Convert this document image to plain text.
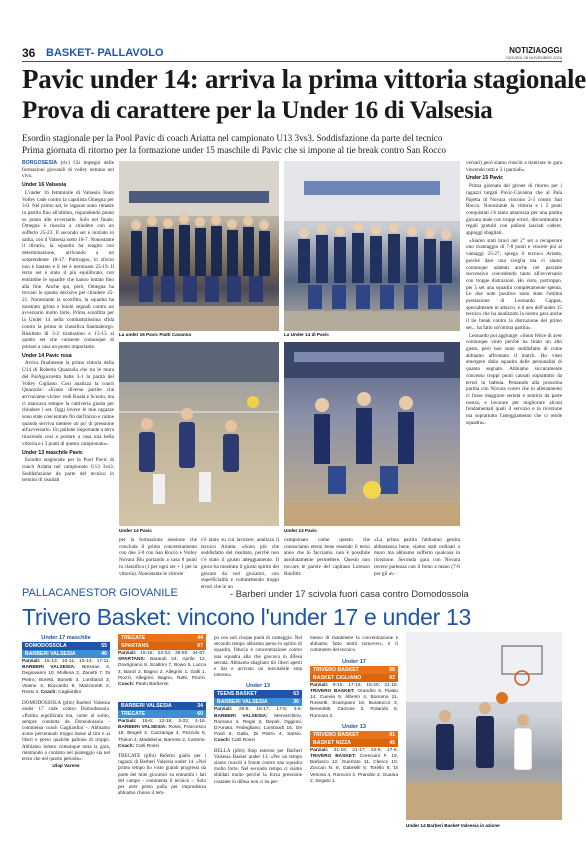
36 BASKET- PALLAVOLO	NOTIZIAOGGI
GIOVEDÌ 28 NOVEMBRE 2024
Pavic under 14: arriva la prima vittoria stagionale
Prova di carattere per la Under 16 di Valsesia
Esordio stagionale per la Pool Pavic di coach Ariatta nel campionato U13 3vs3. Soddisfazione da parte del tecnico
Prima giornata di ritorno per la formazione under 15 maschile di Pavic che si impone al tie break contro San Rocco

BORGOSESIA (rlv) Gli impegni delle formazioni giovanili di volley entrano nel vivo.

Under 16 Valsesia

L'under 16 femminile di Valsesia Team Volley cade contro la capolista Omegna per 3-0. Nel primo set, le ragazze sono rimaste in partita fino all'ultimo, rispondendo punto su punto alle avversarie. Solo nel finale, Omegna è riuscita a chiudere con un sofferto 25-23. Il secondo set è iniziato in salita, con il Valsesia sotto 18-7. Nonostante il divario, la squadra ha reagito con determinazione, arrivando a un sorprendente 18-17. Purtroppo, lo sforzo non è bastato e il set è terminato 25-19. Il terzo set è stato il più equilibrato, con entrambe le squadre che hanno lottato fino alla fine. Anche qui, però, Omegna ha trovato lo spunto decisivo per chiudere 25-21. Nonostante la sconfitta, la squadra ha mostrato grinta e buoni segnali contro un avversario molto forte. Prima sconfitta per la Under 14 nella combattutissima sfida contro la prima in classifica Sanmaborgo. Risultato di 3-2 tiratissimo e 15-13 al quinto set che consente comunque di portare a casa un punto importante.

Under 14 Pavic rosa

Arriva finalmente la prima vittoria della U14 di Roberta Quazzola che tra le mura del PalAgucoretta batte 3-1 la parità del Volley Cigliano. Così analizza la coach Quazzola: «Erano diverse partite che arrivavamo vicine: vedi Koala e Scuolo, ma ci mancava sempre la cattiveria giusta per chiudere i set. Oggi invece le mie ragazze sono state concentrate fin dall'inizio e calme quando serviva mettere un po' di pressione all'avversario. Un pallone importante a terra riuscendo così a portare a casa una bella vittoria e i 3 punti di questo campionato».

Under 13 maschile Pavic

Esordio stagionale per la Pool Pavic di coach Ariatta nel campionato U13 3vs3. Soddisfazione da parte del tecnico in termini di risultati

La under 16 Pavic Piatti Cavanna	La Under 14 di Pavic
Under 14 Pavic	Under 13 Pavic
per la formazione sessione che concluda il primo concentramento con due 3-0 con San Rocco e Volley Novara Blu portando a casa 8 punti in classifica (1 per ogni set + 1 per la vittoria). Nonostante le vittorie
c'è tanto su cui lavorare, analizza il tecnico Ariatta. «Sono più che soddisfatto del risultato, perché non c'è stato il giusto atteggiamento. Il gioco ha mostrato il giusto spirito del giocare da veri giocatori, con superficialità e commettendo troppi errori che in un
campionato come questo che conosciamo eterni bene essendo il terzo anno che lo facciamo, non è possibile assolutamente permettere. Questo non toccare le parole del capitano Lorenzo Bonfitti:
«La prima partita l'abbiamo gestita abbastanza bene, siamo stati ordinati a muro ma abbiamo sofferto qualcosa in ricezione. Seconda gara con Novara invece partenza con il freno a mano (7-0 per gli av-

versari) però siamo riusciti a rientrare in gara vincendo tutti e 3 i parziali».

Under 15 Pavic

Prima giornata del girone di ritorno per i ragazzi targati Pavic-Cavanna che al Pala Pajetta di Novara vincono 2-3 contro San Rocco. Nonostante la vittoria e i 2 punti conquistati c'è tanta amarezza per una partita giocata male con troppi errori, discontinuità e regali gratuiti con palloni lasciati cadere, appoggi sbagliati.

«Siamo stati bravi nel 2° set a recuperare uno svantaggio di 7-8 punti e vincere poi ai vantaggi 25-27, spiega il tecnico Ariatta, poiché dare una sveglia ma ci siamo comunque adattati anche nel parziale successivo concedendo tanto all'avversario con troppe distrazioni. Ho visto, purtroppo, per 5 set una squadra completamente spenta. Le due note positive sono state l'ottima prestazione di Leonardo Cappas, specialmente in attacco, e il neo dell'under 15 tecnico che ha analizzato la nostra gara anche il tie break contro la distruzione del primo set... ha fatto un'ottima partita».

Leonardo poi aggiunge: «Sono felice di aver comunque vinto perché ha tirato un alto gusto, però non sono soddisfatto di come abbiamo affrontato il match. Ho visto emergere dalla squadra delle personalità di quanto segnato. Abbiamo siccuramente concesso troppi punti causati soprattutto da errori in battuta. Pensando alla prossima partita con Novara vorrei che in allenamento ci fosse maggiore serietà e sentirsi da parte nostra, e lavorare per migliorare alcuni fondamentali quali il servizio e la ricezione ma soprattutto l'atteggiamento che ci rende squadra».

PALLACANESTOR GIOVANILE	- Barberi under 17 scivola fuori casa contro Domodossola
Trivero Basket: vincono l'under 17 e under 13
Under 17 maschile
DOMODOSSOLA	55
BARBERI VALSESIA	46
Parziali: 15-13; 10-11; 15-14; 17-11. BARBERI VALSESIA: Bressan 3, Degiovanni 10, Mollena 2, Zanetti 7, Di Pietro, Boretti, Bonetti 3, Lombardi 3, Viasne 3, Boccardo 9, Mazzonetti 2, Rossi 4. Coach: Cagliardini
DOMODOSSOLA (pfm) Barberi Valsesia under 17 cade contro Domodossola. «Partita equilibrata ma, come al solito, sempre condotta da Domodossola - commenta coach Gagliardini -. Abbiamo avuto percentuali troppo basse al tiro e ai liberi e perso qualche pallone di troppo. Abbiamo lottato comunque tutta la gara, rientrando a contatto nel punteggio sia nel terzo che nel quarto periodo».
Ulap Varese
TRECATE	44
SPARTANS	67
Parziali: 15-15; 23-34; 35-50; 44-67. SPARTANS: Barandi 24, Aprile 12, Dovrignano 8, Scaltrini 7, Bowo 5, Lucca 4, Banzi 2, Bagno 2, Allegrini 1, Galli 1, Piozzi, Allegrini, Bagno, Ratti, Piozzi. Coach: Paolo Barberini
BARBERI VALSESIA	34
TRECATE	60
Parziali: 15-6; 12-18; 3-22; 4-16. BARBERI VALSESIA: Rossi, Francesco 18, Bingeli 2, Cazzaniga 4, Pezzulo 8, Thirion 4, Madeliena, Barrese 2, Cartone. Coach: Carli Rossi
TRECATE (pfm) Referto giallo per i ragazzi di Barberi Valsesia under 14. «Nel primo tempo ho visto grandi progressi da parte dei miei giocatori su entrambi i lati del campo - commenta il tecnico -. Solo per aver perso palla per imprudenza abbiamo chiuso il tem-
po con soli cinque punti di vantaggio. Nel secondo tempo abbiamo perso lo spirito di squadra, fiducia e concentrazione contro una squadra alla che giocava in difesa serrata. Abbiamo sbagliato tiri liberi aperti e dai e arrivato un inevitabile stop interno».
Under 13
TEENS BASKET	63
BARBERI VALSESIA	36
Parziali: 25-8; 18-17; 17-6; 3-8. BARBERI VALSESIA: Mervarchino, Romano 4, Regis 2, Depoli, Oggioni, D'Amato, Fedegliano, Lombardi 16, De Paoli 5, Gallo, Di Pietro 4, Sarsio. Coach: Carli Rossi
BELLA (pfm) Stop esterno per Barberi Valsesia Basket under 13. «Per un tempo siamo riusciti a fronte contro una squadra molto forte. Nel secondo tempo ci siamo sfaldati molto perché la forza pressione costante in difesa non ci ha per-
messo di mantenere la concentrazione e abbiamo fatto molti turnover», è il commento del tecnico.
Under 17
TRIVERO BASKET	66
BASKET CIGLIANO	62
Parziali: 9-15; 17-16; 15-20; 21-18. TRIVERO BASKET: Grandini 5, Piasio 14, Cuevia 9, Alberin 4, Bonomo 11, Rossetti, Scampami 16, Buratucco 3, Benedetti, Caizone 3, Rolando 8, Roncaro 2.
Under 13
TRIVERO BASKET	91
BASKET NIZZA	45
Parziali: 31-16; 21-17; 22-6; 17-6. TRIVERO BASKET: Cresciani F. 19, Barlusco 12, Guerrato 11, Clerico 10, Zoccan N. 8, Gabrielli 8, Torello 8, Di Venosa 4, Ronconi 4, Prandini 2, Guaina 2, Segato 1.
Under 14 Barberi Basket Valsesia in azione
